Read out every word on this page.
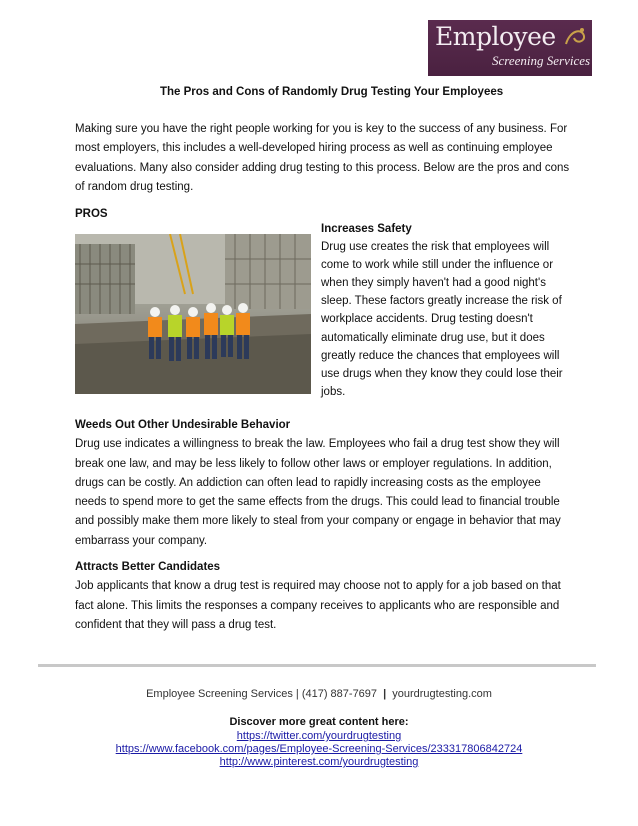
Employee
Screening Services
The Pros and Cons of Randomly Drug Testing Your Employees

Making sure you have the right people working for you is key to the success of any business. For most employers, this includes a well-developed hiring process as well as continuing employee evaluations. Many also consider adding drug testing to this process. Below are the pros and cons of random drug testing.

PROS

Increases Safety

Drug use creates the risk that employees will come to work while still under the influence or when they simply haven't had a good night's sleep. These factors greatly increase the risk of workplace accidents. Drug testing doesn't automatically eliminate drug use, but it does greatly reduce the chances that employees will use drugs when they know they could lose their jobs.

Weeds Out Other Undesirable Behavior

Drug use indicates a willingness to break the law. Employees who fail a drug test show they will break one law, and may be less likely to follow other laws or employer regulations. In addition, drugs can be costly. An addiction can often lead to rapidly increasing costs as the employee needs to spend more to get the same effects from the drugs. This could lead to financial trouble and possibly make them more likely to steal from your company or engage in behavior that may embarrass your company.

Attracts Better Candidates

Job applicants that know a drug test is required may choose not to apply for a job based on that fact alone. This limits the responses a company receives to applicants who are responsible and confident that they will pass a drug test.

Employee Screening Services | (417) 887-7697 | yourdrugtesting.com
Discover more great content here:
https://twitter.com/yourdrugtesting
https://www.facebook.com/pages/Employee-Screening-Services/233317806842724
http://www.pinterest.com/yourdrugtesting
